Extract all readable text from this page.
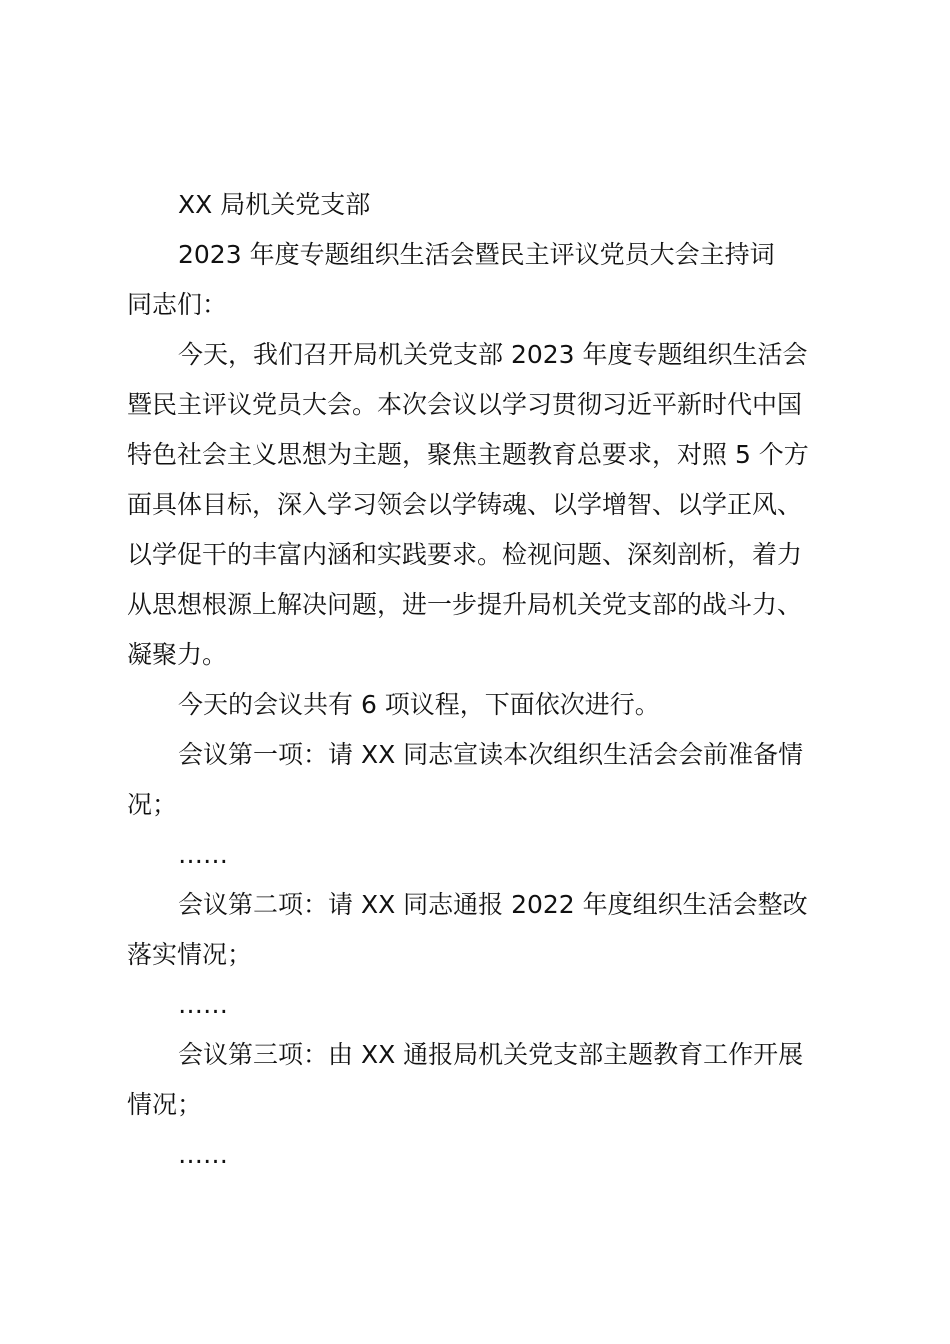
XX 局机关党支部

2023 年度专题组织生活会暨民主评议党员大会主持词

同志们：

今天，我们召开局机关党支部 2023 年度专题组织生活会

暨民主评议党员大会。本次会议以学习贯彻习近平新时代中国

特色社会主义思想为主题，聚焦主题教育总要求，对照 5 个方

面具体目标，深入学习领会以学铸魂、以学增智、以学正风、

以学促干的丰富内涵和实践要求。检视问题、深刻剖析，着力

从思想根源上解决问题，进一步提升局机关党支部的战斗力、

凝聚力。

今天的会议共有 6 项议程，下面依次进行。

会议第一项：请 XX 同志宣读本次组织生活会会前准备情

况；

……

会议第二项：请 XX 同志通报 2022 年度组织生活会整改

落实情况；

……

会议第三项：由 XX 通报局机关党支部主题教育工作开展

情况；

……
